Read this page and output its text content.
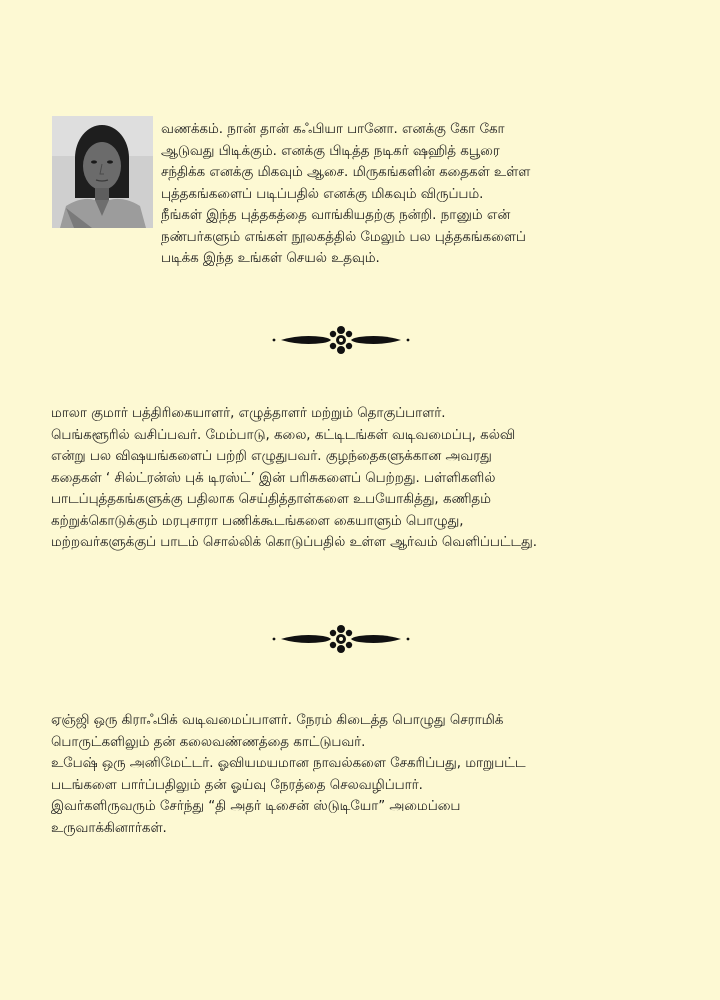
வணக்கம். நான் தான் கஃபியா பானோ. எனக்கு கோ கோ
ஆடுவது பிடிக்கும். எனக்கு பிடித்த நடிகர் ஷஹித் கபூரை
சந்திக்க எனக்கு மிகவும் ஆசை. மிருகங்களின் கதைகள் உள்ள
புத்தகங்களைப் படிப்பதில் எனக்கு மிகவும் விருப்பம்.
நீங்கள் இந்த புத்தகத்தை வாங்கியதற்கு நன்றி. நானும் என்
நண்பர்களும் எங்கள் நூலகத்தில் மேலும் பல புத்தகங்களைப்
படிக்க இந்த உங்கள் செயல் உதவும்.
மாலா குமார் பத்திரிகையாளர், எழுத்தாளர் மற்றும் தொகுப்பாளர்.
பெங்களூரில் வசிப்பவர். மேம்பாடு, கலை, கட்டிடங்கள் வடிவமைப்பு, கல்வி
என்று பல விஷயங்களைப் பற்றி எழுதுபவர். குழந்தைகளுக்கான அவரது
கதைகள் ‘ சில்ட்ரன்ஸ் புக் டிரஸ்ட்’ இன் பரிசுகளைப் பெற்றது. பள்ளிகளில்
பாடப்புத்தகங்களுக்கு பதிலாக செய்தித்தாள்களை உபயோகித்து, கணிதம்
கற்றுக்கொடுக்கும் மரபுசாரா பணிக்கூடங்களை கையாளும் பொழுது,
மற்றவர்களுக்குப் பாடம் சொல்லிக் கொடுப்பதில் உள்ள ஆர்வம் வெளிப்பட்டது.
ஏஞ்ஜி ஒரு கிராஃபிக் வடிவமைப்பாளர். நேரம் கிடைத்த பொழுது செராமிக்
பொருட்களிலும் தன் கலைவண்ணத்தை காட்டுபவர்.
உபேஷ் ஒரு அனிமேட்டர். ஓவியமயமான நாவல்களை சேகரிப்பது, மாறுபட்ட
படங்களை பார்ப்பதிலும் தன் ஓய்வு நேரத்தை செலவழிப்பார்.
இவர்களிருவரும் சேர்ந்து “தி அதர் டிசைன் ஸ்டுடியோ” அமைப்பை
உருவாக்கினார்கள்.
